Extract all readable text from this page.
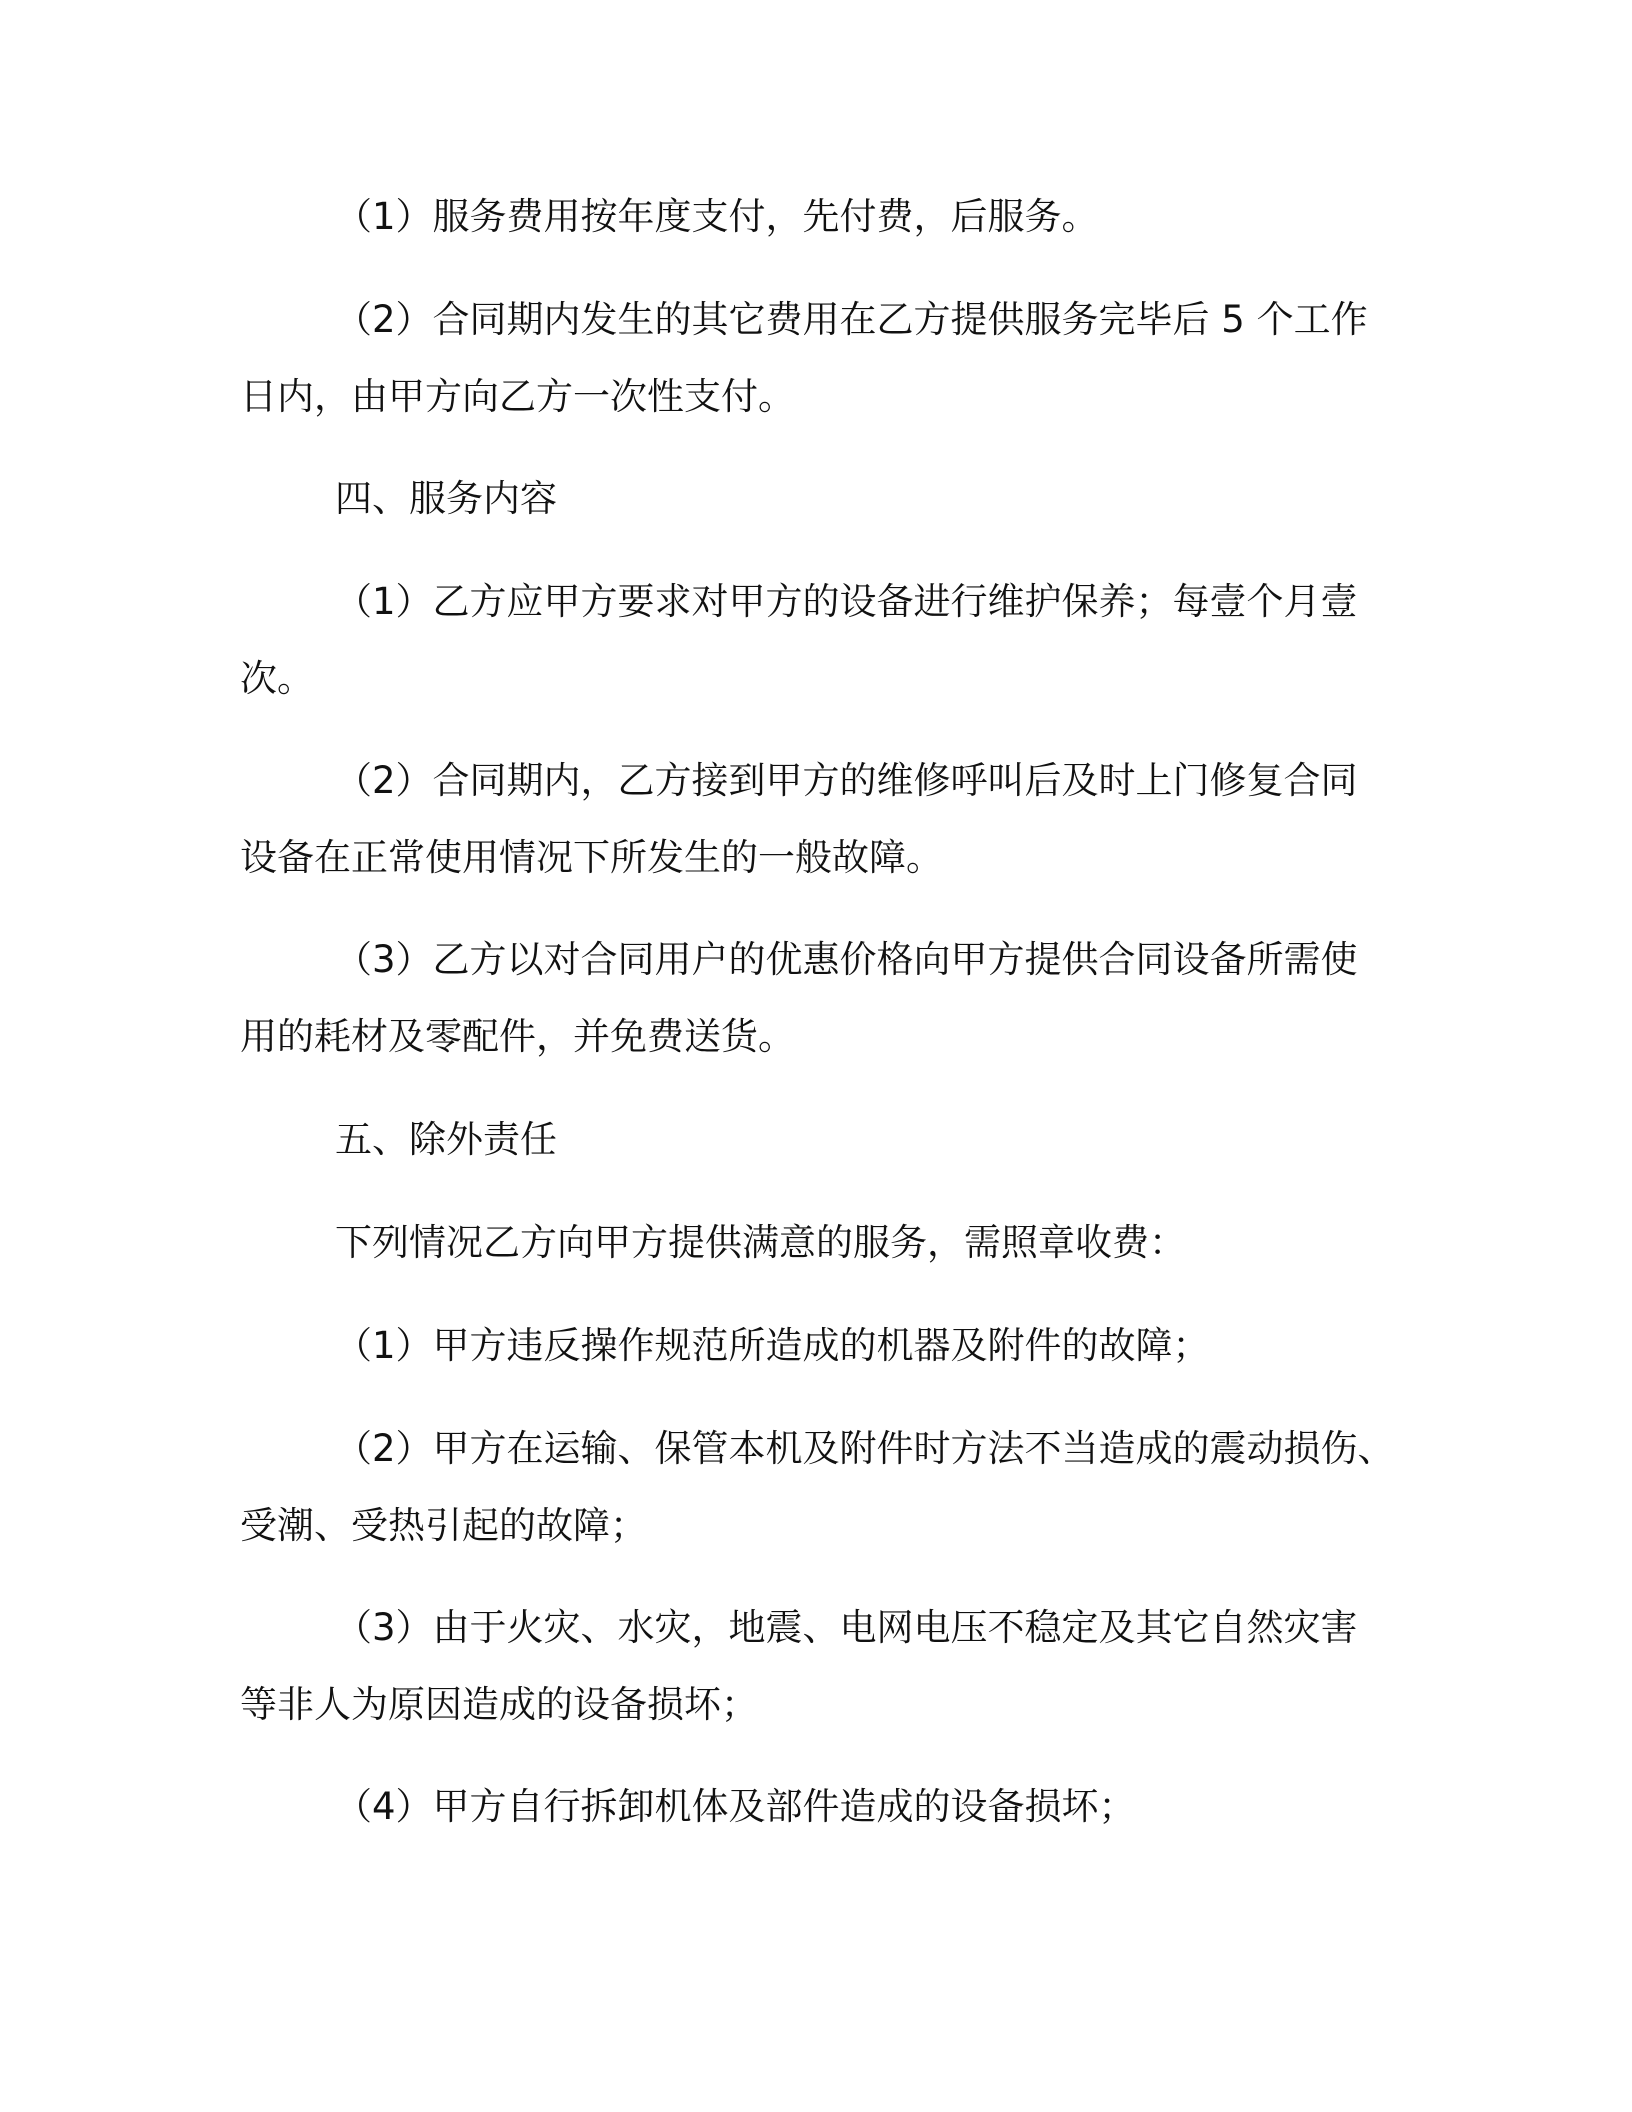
（1）服务费用按年度支付，先付费，后服务。
（2）合同期内发生的其它费用在乙方提供服务完毕后 5 个工作
日内，由甲方向乙方一次性支付。
四、服务内容
（1）乙方应甲方要求对甲方的设备进行维护保养；每壹个月壹
次。
（2）合同期内，乙方接到甲方的维修呼叫后及时上门修复合同
设备在正常使用情况下所发生的一般故障。
（3）乙方以对合同用户的优惠价格向甲方提供合同设备所需使
用的耗材及零配件，并免费送货。
五、除外责任
下列情况乙方向甲方提供满意的服务，需照章收费：
（1）甲方违反操作规范所造成的机器及附件的故障；
（2）甲方在运输、保管本机及附件时方法不当造成的震动损伤、
受潮、受热引起的故障；
（3）由于火灾、水灾，地震、电网电压不稳定及其它自然灾害
等非人为原因造成的设备损坏；
（4）甲方自行拆卸机体及部件造成的设备损坏；
